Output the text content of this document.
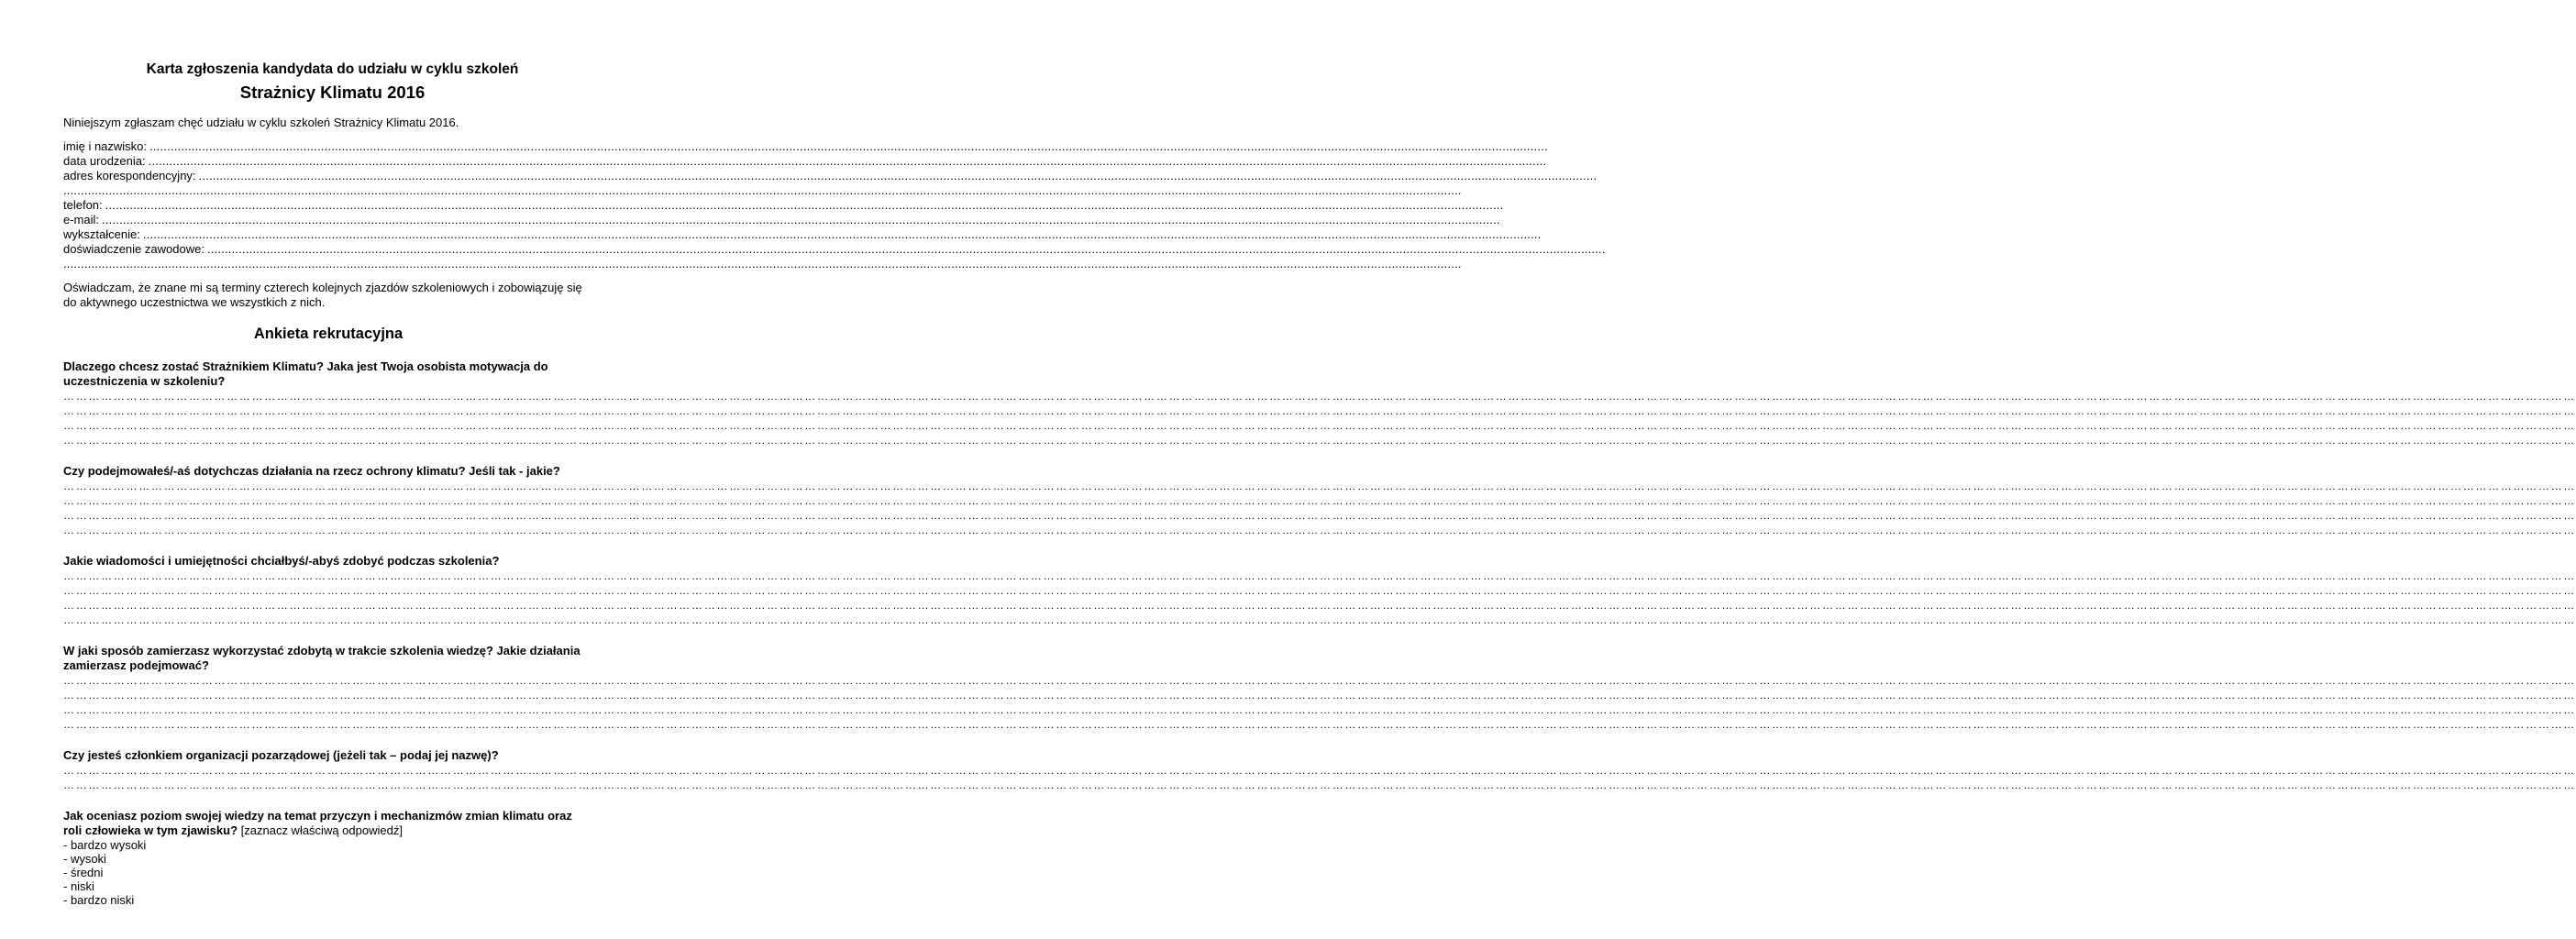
Karta zgłoszenia kandydata do udziału w cyklu szkoleń
Strażnicy Klimatu 2016

Niniejszym zgłaszam chęć udziału w cyklu szkoleń Strażnicy Klimatu 2016.

imię i nazwisko: ................................................................................................................................................................................................................................................................................................................................................................................................................
data urodzenia: ................................................................................................................................................................................................................................................................................................................................................................................................................
adres korespondencyjny: ................................................................................................................................................................................................................................................................................................................................................................................................................
................................................................................................................................................................................................................................................................................................................................................................................................................
telefon: ................................................................................................................................................................................................................................................................................................................................................................................................................
e-mail: ................................................................................................................................................................................................................................................................................................................................................................................................................
wykształcenie: ................................................................................................................................................................................................................................................................................................................................................................................................................
doświadczenie zawodowe: ................................................................................................................................................................................................................................................................................................................................................................................................................
................................................................................................................................................................................................................................................................................................................................................................................................................

Oświadczam, że znane mi są terminy czterech kolejnych zjazdów szkoleniowych i zobowiązuję się do aktywnego uczestnictwa we wszystkich z nich.

Ankieta rekrutacyjna

Dlaczego chcesz zostać Strażnikiem Klimatu? Jaka jest Twoja osobista motywacja do uczestniczenia w szkoleniu?

……………………………………………………………………………………………………………………………………………………………………………………………………………………………………………………………………………………………………………………………………………………………………………………………………………………………………………………………………………………………………………………………………………………
……………………………………………………………………………………………………………………………………………………………………………………………………………………………………………………………………………………………………………………………………………………………………………………………………………………………………………………………………………………………………………………………………………………
……………………………………………………………………………………………………………………………………………………………………………………………………………………………………………………………………………………………………………………………………………………………………………………………………………………………………………………………………………………………………………………………………………………
……………………………………………………………………………………………………………………………………………………………………………………………………………………………………………………………………………………………………………………………………………………………………………………………………………………………………………………………………………………………………………………………………………………

Czy podejmowałeś/-aś dotychczas działania na rzecz ochrony klimatu? Jeśli tak - jakie?

……………………………………………………………………………………………………………………………………………………………………………………………………………………………………………………………………………………………………………………………………………………………………………………………………………………………………………………………………………………………………………………………………………………
……………………………………………………………………………………………………………………………………………………………………………………………………………………………………………………………………………………………………………………………………………………………………………………………………………………………………………………………………………………………………………………………………………………
……………………………………………………………………………………………………………………………………………………………………………………………………………………………………………………………………………………………………………………………………………………………………………………………………………………………………………………………………………………………………………………………………………………
……………………………………………………………………………………………………………………………………………………………………………………………………………………………………………………………………………………………………………………………………………………………………………………………………………………………………………………………………………………………………………………………………………………

Jakie wiadomości i umiejętności chciałbyś/-abyś zdobyć podczas szkolenia?

……………………………………………………………………………………………………………………………………………………………………………………………………………………………………………………………………………………………………………………………………………………………………………………………………………………………………………………………………………………………………………………………………………………
……………………………………………………………………………………………………………………………………………………………………………………………………………………………………………………………………………………………………………………………………………………………………………………………………………………………………………………………………………………………………………………………………………………
……………………………………………………………………………………………………………………………………………………………………………………………………………………………………………………………………………………………………………………………………………………………………………………………………………………………………………………………………………………………………………………………………………………
……………………………………………………………………………………………………………………………………………………………………………………………………………………………………………………………………………………………………………………………………………………………………………………………………………………………………………………………………………………………………………………………………………………

W jaki sposób zamierzasz wykorzystać zdobytą w trakcie szkolenia wiedzę? Jakie działania zamierzasz podejmować?

……………………………………………………………………………………………………………………………………………………………………………………………………………………………………………………………………………………………………………………………………………………………………………………………………………………………………………………………………………………………………………………………………………………
……………………………………………………………………………………………………………………………………………………………………………………………………………………………………………………………………………………………………………………………………………………………………………………………………………………………………………………………………………………………………………………………………………………
……………………………………………………………………………………………………………………………………………………………………………………………………………………………………………………………………………………………………………………………………………………………………………………………………………………………………………………………………………………………………………………………………………………
……………………………………………………………………………………………………………………………………………………………………………………………………………………………………………………………………………………………………………………………………………………………………………………………………………………………………………………………………………………………………………………………………………………

Czy jesteś członkiem organizacji pozarządowej (jeżeli tak – podaj jej nazwę)?

……………………………………………………………………………………………………………………………………………………………………………………………………………………………………………………………………………………………………………………………………………………………………………………………………………………………………………………………………………………………………………………………………………………
……………………………………………………………………………………………………………………………………………………………………………………………………………………………………………………………………………………………………………………………………………………………………………………………………………………………………………………………………………………………………………………………………………………

Jak oceniasz poziom swojej wiedzy na temat przyczyn i mechanizmów zmian klimatu oraz roli człowieka w tym zjawisku? [zaznacz właściwą odpowiedź]

- bardzo wysoki
- wysoki
- średni
- niski
- bardzo niski
